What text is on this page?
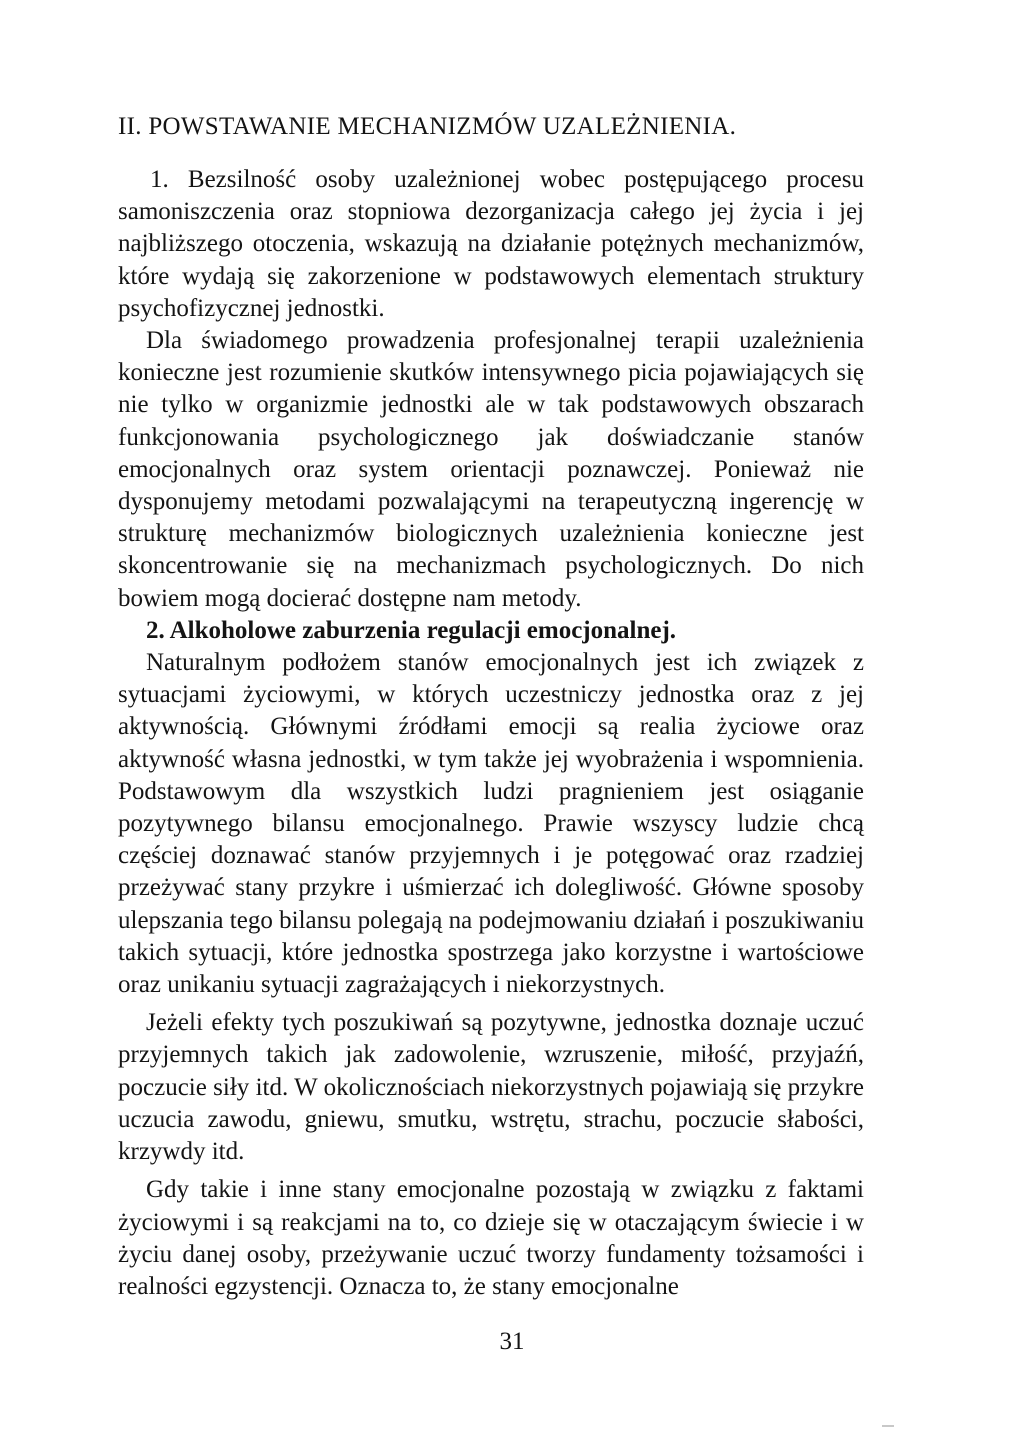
II. POWSTAWANIE MECHANIZMÓW UZALEŻNIENIA.

1. Bezsilność osoby uzależnionej wobec postępującego procesu samoniszczenia oraz stopniowa dezorganizacja całego jej życia i jej najbliższego otoczenia, wskazują na działanie potężnych mechanizmów, które wydają się zakorzenione w podstawowych elementach struktury psychofizycznej jednostki.

Dla świadomego prowadzenia profesjonalnej terapii uzależnienia konieczne jest rozumienie skutków intensywnego picia pojawiających się nie tylko w organizmie jednostki ale w tak podstawowych obszarach funkcjonowania psychologicznego jak doświadczanie stanów emocjonalnych oraz system orientacji poznawczej. Ponieważ nie dysponujemy metodami pozwalającymi na terapeutyczną ingerencję w strukturę mechanizmów biologicznych uzależnienia konieczne jest skoncentrowanie się na mechanizmach psychologicznych. Do nich bowiem mogą docierać dostępne nam metody.

2. Alkoholowe zaburzenia regulacji emocjonalnej.

Naturalnym podłożem stanów emocjonalnych jest ich związek z sytuacjami życiowymi, w których uczestniczy jednostka oraz z jej aktywnością. Głównymi źródłami emocji są realia życiowe oraz aktywność własna jednostki, w tym także jej wyobrażenia i wspomnienia. Podstawowym dla wszystkich ludzi pragnieniem jest osiąganie pozytywnego bilansu emocjonalnego. Prawie wszyscy ludzie chcą częściej doznawać stanów przyjemnych i je potęgować oraz rzadziej przeżywać stany przykre i uśmierzać ich dolegliwość. Główne sposoby ulepszania tego bilansu polegają na podejmowaniu działań i poszukiwaniu takich sytuacji, które jednostka spostrzega jako korzystne i wartościowe oraz unikaniu sytuacji zagrażających i niekorzystnych.

Jeżeli efekty tych poszukiwań są pozytywne, jednostka doznaje uczuć przyjemnych takich jak zadowolenie, wzruszenie, miłość, przyjaźń, poczucie siły itd. W okolicznościach niekorzystnych pojawiają się przykre uczucia zawodu, gniewu, smutku, wstrętu, strachu, poczucie słabości, krzywdy itd.

Gdy takie i inne stany emocjonalne pozostają w związku z faktami życiowymi i są reakcjami na to, co dzieje się w otaczającym świecie i w życiu danej osoby, przeżywanie uczuć tworzy fundamenty tożsamości i realności egzystencji. Oznacza to, że stany emocjonalne

31
